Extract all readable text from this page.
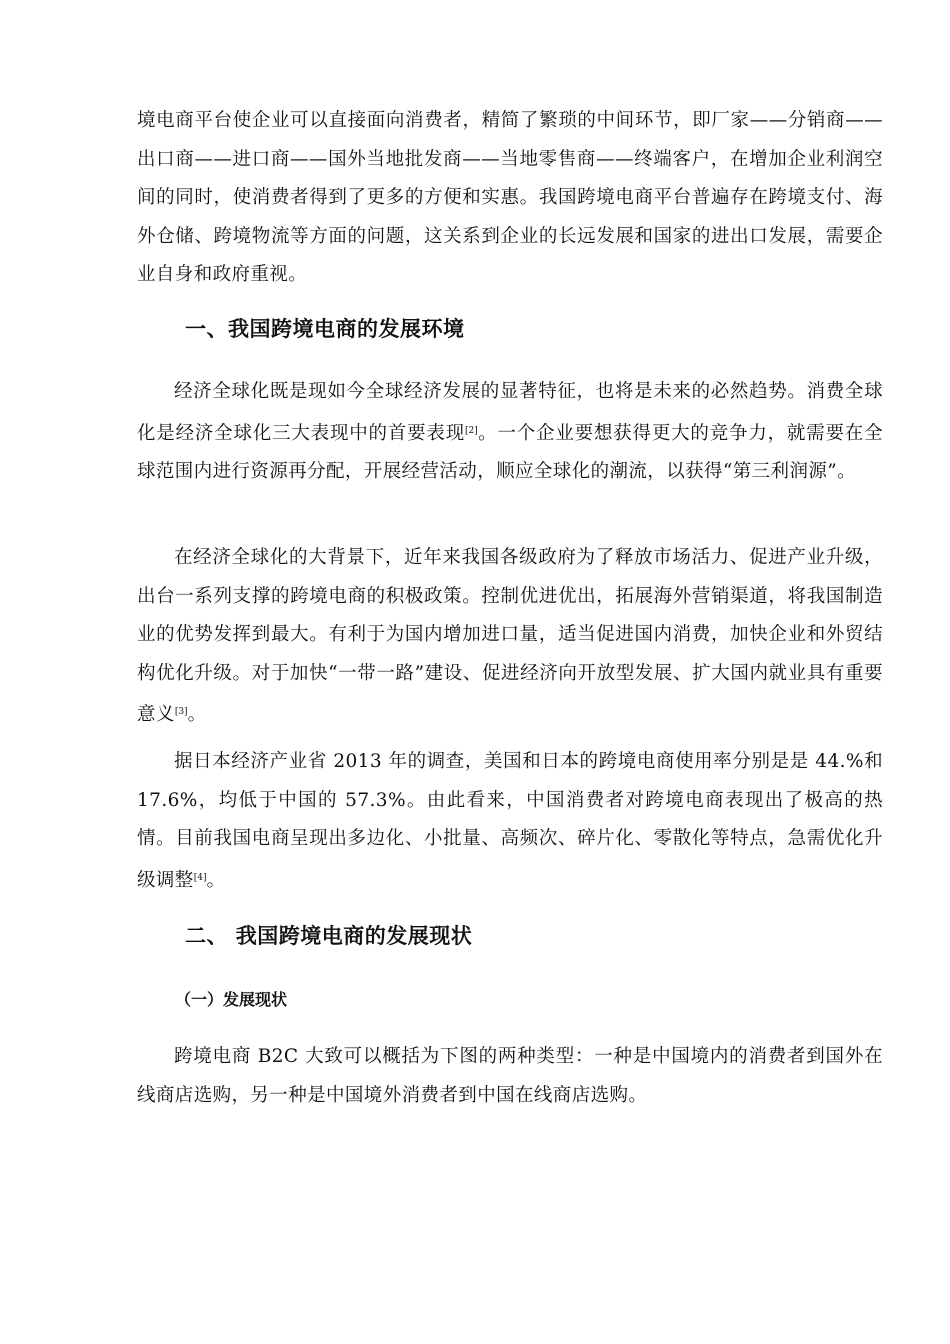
境电商平台使企业可以直接面向消费者，精简了繁琐的中间环节，即厂家——分销商——出口商——进口商——国外当地批发商——当地零售商——终端客户，在增加企业利润空间的同时，使消费者得到了更多的方便和实惠。我国跨境电商平台普遍存在跨境支付、海外仓储、跨境物流等方面的问题，这关系到企业的长远发展和国家的进出口发展，需要企业自身和政府重视。

一、我国跨境电商的发展环境

经济全球化既是现如今全球经济发展的显著特征，也将是未来的必然趋势。消费全球化是经济全球化三大表现中的首要表现[2]。一个企业要想获得更大的竞争力，就需要在全球范围内进行资源再分配，开展经营活动，顺应全球化的潮流，以获得“第三利润源”。

在经济全球化的大背景下，近年来我国各级政府为了释放市场活力、促进产业升级，出台一系列支撑的跨境电商的积极政策。控制优进优出，拓展海外营销渠道，将我国制造业的优势发挥到最大。有利于为国内增加进口量，适当促进国内消费，加快企业和外贸结构优化升级。对于加快“一带一路”建设、促进经济向开放型发展、扩大国内就业具有重要意义[3]。

据日本经济产业省 2013 年的调查，美国和日本的跨境电商使用率分别是是 44.%和 17.6%，均低于中国的 57.3%。由此看来，中国消费者对跨境电商表现出了极高的热情。目前我国电商呈现出多边化、小批量、高频次、碎片化、零散化等特点，急需优化升级调整[4]。

二、 我国跨境电商的发展现状
（一）发展现状

跨境电商 B2C 大致可以概括为下图的两种类型：一种是中国境内的消费者到国外在线商店选购，另一种是中国境外消费者到中国在线商店选购。
